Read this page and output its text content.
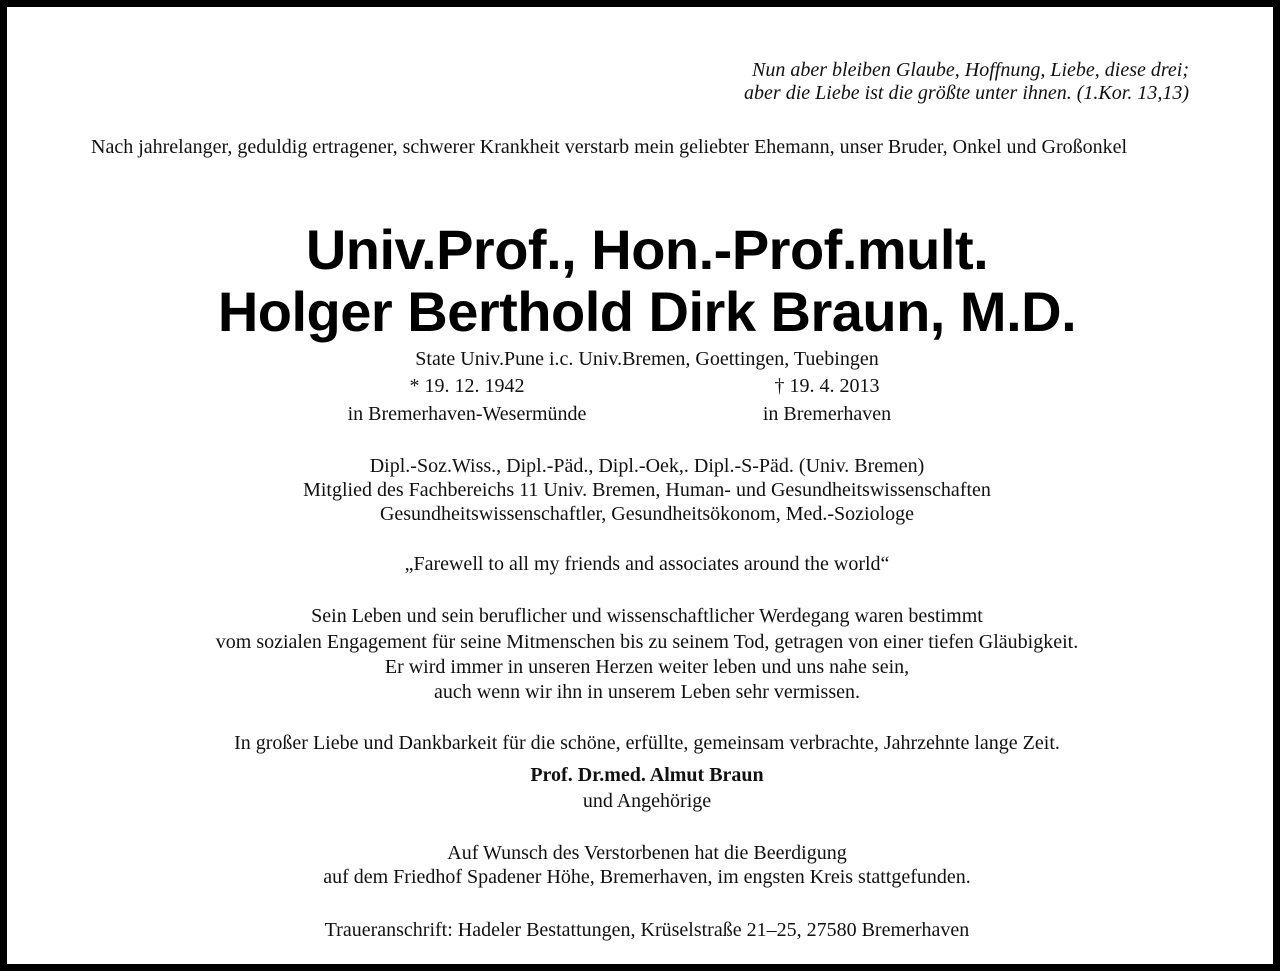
Nun aber bleiben Glaube, Hoffnung, Liebe, diese drei;
aber die Liebe ist die größte unter ihnen. (1.Kor. 13,13)
Nach jahrelanger, geduldig ertragener, schwerer Krankheit verstarb mein geliebter Ehemann, unser Bruder, Onkel und Großonkel
Univ.Prof., Hon.-Prof.mult.
Holger Berthold Dirk Braun, M.D.
State Univ.Pune i.c. Univ.Bremen, Goettingen, Tuebingen
* 19. 12. 1942	† 19. 4. 2013
in Bremerhaven-Wesermünde	in Bremerhaven
Dipl.-Soz.Wiss., Dipl.-Päd., Dipl.-Oek,. Dipl.-S-Päd. (Univ. Bremen)
Mitglied des Fachbereichs 11 Univ. Bremen, Human- und Gesundheitswissenschaften
Gesundheitswissenschaftler, Gesundheitsökonom, Med.-Soziologe
„Farewell to all my friends and associates around the world“
Sein Leben und sein beruflicher und wissenschaftlicher Werdegang waren bestimmt
vom sozialen Engagement für seine Mitmenschen bis zu seinem Tod, getragen von einer tiefen Gläubigkeit.
Er wird immer in unseren Herzen weiter leben und uns nahe sein,
auch wenn wir ihn in unserem Leben sehr vermissen.
In großer Liebe und Dankbarkeit für die schöne, erfüllte, gemeinsam verbrachte, Jahrzehnte lange Zeit.
Prof. Dr.med. Almut Braun
und Angehörige
Auf Wunsch des Verstorbenen hat die Beerdigung
auf dem Friedhof Spadener Höhe, Bremerhaven, im engsten Kreis stattgefunden.
Traueranschrift: Hadeler Bestattungen, Krüselstraße 21–25, 27580 Bremerhaven
